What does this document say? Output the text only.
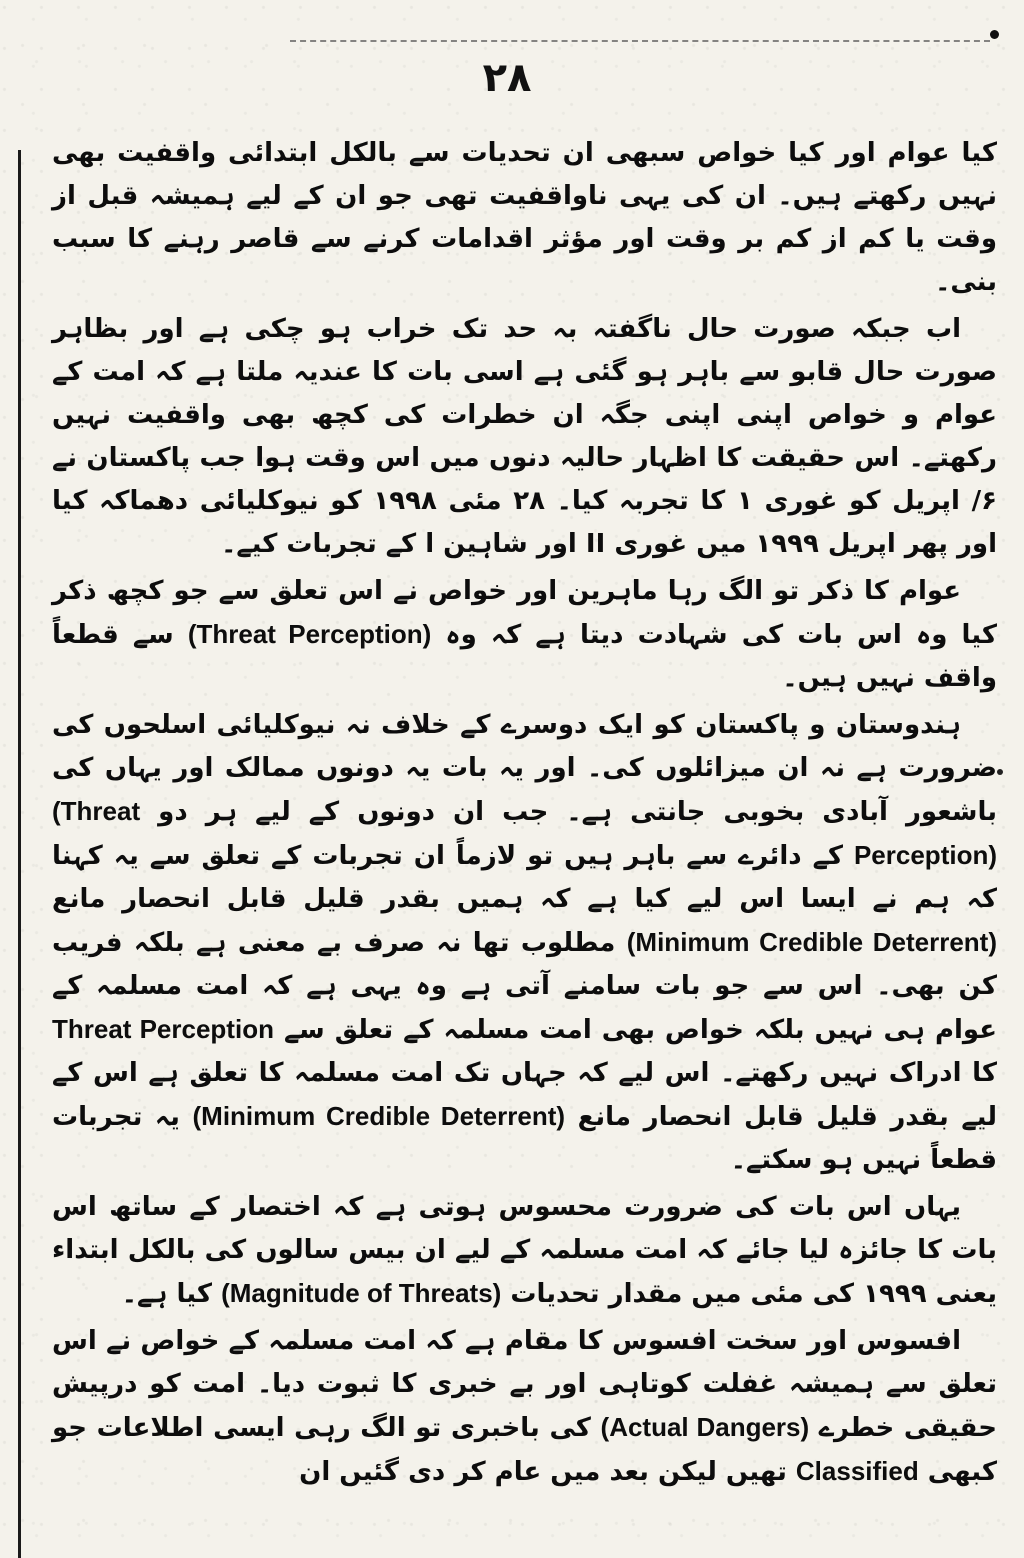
۲۸

کیا عوام اور کیا خواص سبھی ان تحدیات سے بالکل ابتدائی واقفیت بھی نہیں رکھتے ہیں۔ ان کی یہی ناواقفیت تھی جو ان کے لیے ہمیشہ قبل از وقت یا کم از کم بر وقت اور مؤثر اقدامات کرنے سے قاصر رہنے کا سبب بنی۔

اب جبکہ صورت حال ناگفتہ بہ حد تک خراب ہو چکی ہے اور بظاہر صورت حال قابو سے باہر ہو گئی ہے اسی بات کا عندیہ ملتا ہے کہ امت کے عوام و خواص اپنی اپنی جگہ ان خطرات کی کچھ بھی واقفیت نہیں رکھتے۔ اس حقیقت کا اظہار حالیہ دنوں میں اس وقت ہوا جب پاکستان نے ۶/ اپریل کو غوری ۱ کا تجربہ کیا۔ ۲۸ مئی ۱۹۹۸ کو نیوکلیائی دھماکہ کیا اور پھر اپریل ۱۹۹۹ میں غوری II اور شاہین ا کے تجربات کیے۔

عوام کا ذکر تو الگ رہا ماہرین اور خواص نے اس تعلق سے جو کچھ ذکر کیا وہ اس بات کی شہادت دیتا ہے کہ وہ (Threat Perception) سے قطعاً واقف نہیں ہیں۔

ہندوستان و پاکستان کو ایک دوسرے کے خلاف نہ نیوکلیائی اسلحوں کی ضرورت ہے نہ ان میزائلوں کی۔ اور یہ بات یہ دونوں ممالک اور یہاں کی باشعور آبادی بخوبی جانتی ہے۔ جب ان دونوں کے لیے ہر دو (Threat Perception) کے دائرے سے باہر ہیں تو لازماً ان تجربات کے تعلق سے یہ کہنا کہ ہم نے ایسا اس لیے کیا ہے کہ ہمیں بقدر قلیل قابل انحصار مانع (Minimum Credible Deterrent) مطلوب تھا نہ صرف بے معنی ہے بلکہ فریب کن بھی۔ اس سے جو بات سامنے آتی ہے وہ یہی ہے کہ امت مسلمہ کے عوام ہی نہیں بلکہ خواص بھی امت مسلمہ کے تعلق سے Threat Perception کا ادراک نہیں رکھتے۔ اس لیے کہ جہاں تک امت مسلمہ کا تعلق ہے اس کے لیے بقدر قلیل قابل انحصار مانع (Minimum Credible Deterrent) یہ تجربات قطعاً نہیں ہو سکتے۔

یہاں اس بات کی ضرورت محسوس ہوتی ہے کہ اختصار کے ساتھ اس بات کا جائزہ لیا جائے کہ امت مسلمہ کے لیے ان بیس سالوں کی بالکل ابتداء یعنی ۱۹۹۹ کی مئی میں مقدار تحدیات (Magnitude of Threats) کیا ہے۔

افسوس اور سخت افسوس کا مقام ہے کہ امت مسلمہ کے خواص نے اس تعلق سے ہمیشہ غفلت کوتاہی اور بے خبری کا ثبوت دیا۔ امت کو درپیش حقیقی خطرے (Actual Dangers) کی باخبری تو الگ رہی ایسی اطلاعات جو کبھی Classified تھیں لیکن بعد میں عام کر دی گئیں ان
